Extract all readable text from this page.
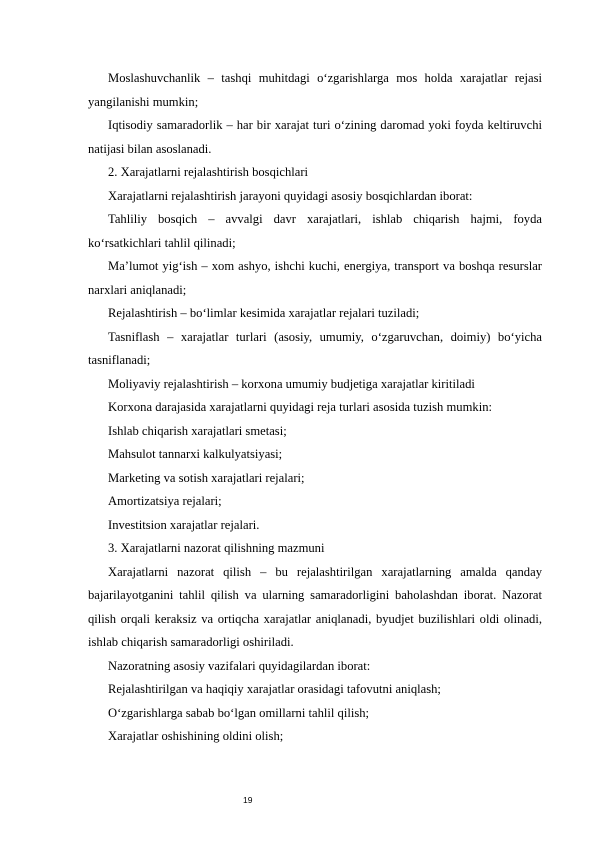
Moslashuvchanlik – tashqi muhitdagi o‘zgarishlarga mos holda xarajatlar rejasi yangilanishi mumkin;

Iqtisodiy samaradorlik – har bir xarajat turi o‘zining daromad yoki foyda keltiruvchi natijasi bilan asoslanadi.

2. Xarajatlarni rejalashtirish bosqichlari

Xarajatlarni rejalashtirish jarayoni quyidagi asosiy bosqichlardan iborat:

Tahliliy bosqich – avvalgi davr xarajatlari, ishlab chiqarish hajmi, foyda ko‘rsatkichlari tahlil qilinadi;

Ma’lumot yig‘ish – xom ashyo, ishchi kuchi, energiya, transport va boshqa resurslar narxlari aniqlanadi;

Rejalashtirish – bo‘limlar kesimida xarajatlar rejalari tuziladi;

Tasniflash – xarajatlar turlari (asosiy, umumiy, o‘zgaruvchan, doimiy) bo‘yicha tasniflanadi;

Moliyaviy rejalashtirish – korxona umumiy budjetiga xarajatlar kiritiladi

Korxona darajasida xarajatlarni quyidagi reja turlari asosida tuzish mumkin:

Ishlab chiqarish xarajatlari smetasi;

Mahsulot tannarxi kalkulyatsiyasi;

Marketing va sotish xarajatlari rejalari;

Amortizatsiya rejalari;

Investitsion xarajatlar rejalari.

3. Xarajatlarni nazorat qilishning mazmuni

Xarajatlarni nazorat qilish – bu rejalashtirilgan xarajatlarning amalda qanday bajarilayotganini tahlil qilish va ularning samaradorligini baholashdan iborat. Nazorat qilish orqali keraksiz va ortiqcha xarajatlar aniqlanadi, byudjet buzilishlari oldi olinadi, ishlab chiqarish samaradorligi oshiriladi.

Nazoratning asosiy vazifalari quyidagilardan iborat:

Rejalashtirilgan va haqiqiy xarajatlar orasidagi tafovutni aniqlash;

O‘zgarishlarga sabab bo‘lgan omillarni tahlil qilish;

Xarajatlar oshishining oldini olish;

19
